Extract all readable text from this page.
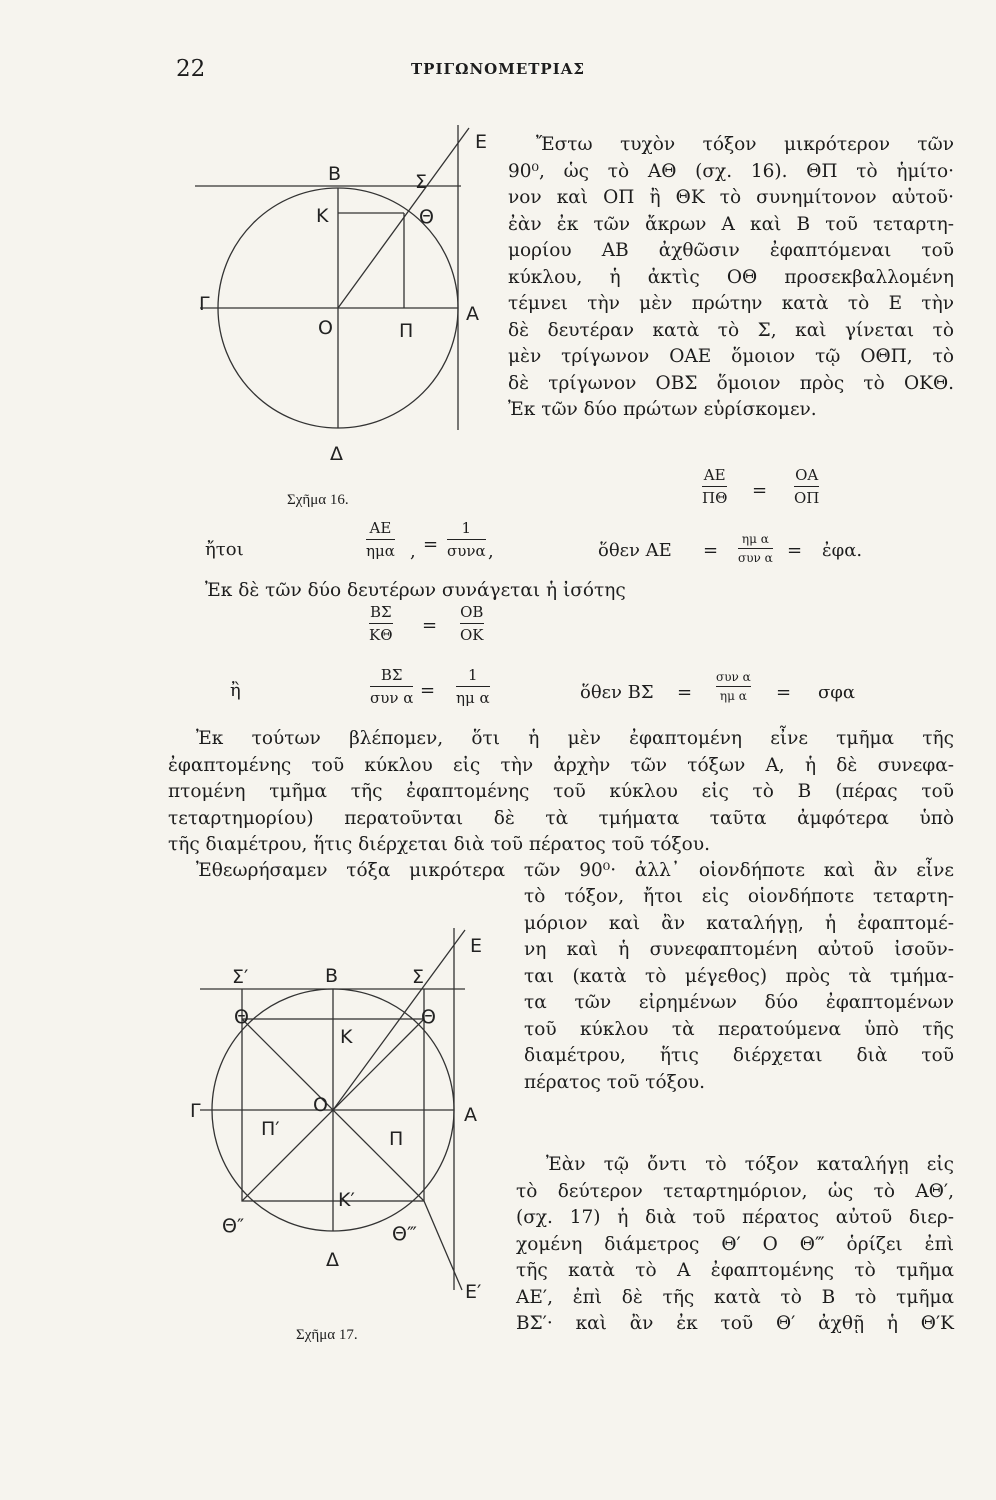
22	ΤΡΙΓΩΝΟΜΕΤΡΙΑΣ
B	Σ
E
K	Θ
Γ
O	Π
A
Δ
Σχῆμα 16.
Ἔστω τυχὸν τόξον μικρότερον τῶν
90⁰, ὡς τὸ ΑΘ (σχ. 16). ΘΠ τὸ ἡμίτο·
νον καὶ ΟΠ ἢ ΘΚ τὸ συνημίτονον αὐτοῦ·
ἐὰν ἐκ τῶν ἄκρων Α καὶ Β τοῦ τεταρτη-
μορίου ΑΒ ἀχθῶσιν ἐφαπτόμεναι τοῦ
κύκλου, ἡ ἀκτὶς ΟΘ προσεκβαλλομένη
τέμνει τὴν μὲν πρώτην κατὰ τὸ Ε τὴν
δὲ δευτέραν κατὰ τὸ Σ, καὶ γίνεται τὸ
μὲν τρίγωνον ΟΑΕ ὅμοιον τῷ ΟΘΠ, τὸ
δὲ τρίγωνον ΟΒΣ ὅμοιον πρὸς τὸ ΟΚΘ.
Ἐκ τῶν δύο πρώτων εὑρίσκομεν.
ΑΕ
ΠΘ =
ΟΑ
ΟΠ
ἤτοι
ΑΕ
ημα , =
1
συνα ,	ὅθεν ΑΕ =
ημ α
συν α = ἐφα.
Ἐκ δὲ τῶν δύο δευτέρων συνάγεται ἡ ἰσότης
ΒΣ
ΚΘ =
ΟΒ
ΟΚ
ἢ
ΒΣ
συν α =
1
ημ α	ὅθεν ΒΣ =
συν α
ημ α = σφα
Ἐκ τούτων βλέπομεν, ὅτι ἡ μὲν ἐφαπτομένη εἶνε τμῆμα τῆς
ἐφαπτομένης τοῦ κύκλου εἰς τὴν ἀρχὴν τῶν τόξων Α, ἡ δὲ συνεφα-
πτομένη τμῆμα τῆς ἐφαπτομένης τοῦ κύκλου εἰς τὸ Β (πέρας τοῦ
τεταρτημορίου) περατοῦνται δὲ τὰ τμήματα ταῦτα ἀμφότερα ὑπὸ
τῆς διαμέτρου, ἥτις διέρχεται διὰ τοῦ πέρατος τοῦ τόξου.
Ἐθεωρήσαμεν τόξα μικρότερα τῶν 90⁰· ἀλλ᾽ οἱονδήποτε καὶ ἂν εἶνε
Σ′	B	Σ
E
Θ	Θ
K
Γ	O
Π′	Π
A
K′
Θ″	Θ‴
Δ
E′
Σχῆμα 17.
τὸ τόξον, ἤτοι εἰς οἱονδήποτε τεταρτη-
μόριον καὶ ἂν καταλήγῃ, ἡ ἐφαπτομέ-
νη καὶ ἡ συνεφαπτομένη αὐτοῦ ἰσοῦν-
ται (κατὰ τὸ μέγεθος) πρὸς τὰ τμήμα-
τα τῶν εἰρημένων δύο ἐφαπτομένων
τοῦ κύκλου τὰ περατούμενα ὑπὸ τῆς
διαμέτρου, ἥτις διέρχεται διὰ τοῦ
πέρατος τοῦ τόξου.
Ἐὰν τῷ ὄντι τὸ τόξον καταλήγῃ εἰς
τὸ δεύτερον τεταρτημόριον, ὡς τὸ ΑΘ′,
(σχ. 17) ἡ διὰ τοῦ πέρατος αὐτοῦ διερ-
χομένη διάμετρος Θ′ Ο Θ‴ ὁρίζει ἐπὶ
τῆς κατὰ τὸ Α ἐφαπτομένης τὸ τμῆμα
ΑΕ′, ἐπὶ δὲ τῆς κατὰ τὸ Β τὸ τμῆμα
ΒΣ′· καὶ ἂν ἐκ τοῦ Θ′ ἀχθῇ ἡ Θ′Κ
